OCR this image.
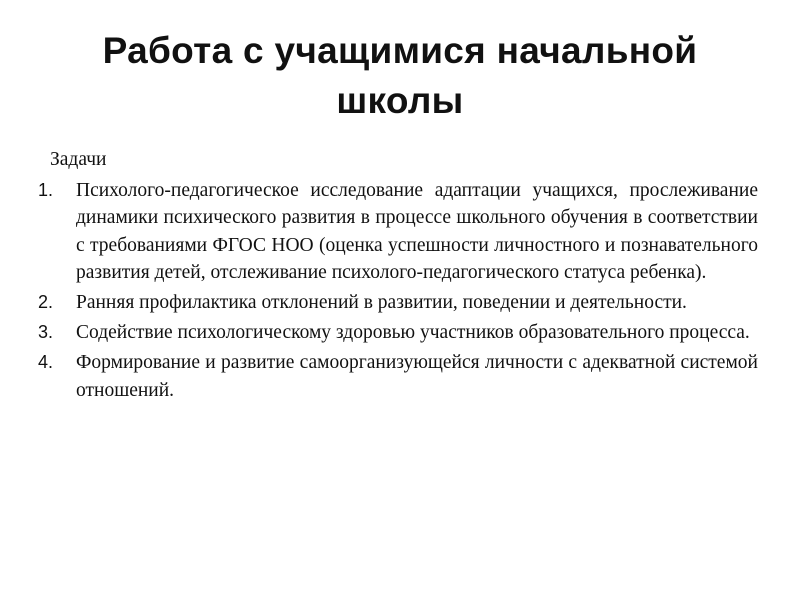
Работа с учащимися начальной школы
Задачи
1. Психолого-педагогическое исследование адаптации учащихся, прослеживание динамики психического развития в процессе школьного обучения в соответствии с требованиями ФГОС НОО (оценка успешности личностного и познавательного развития детей, отслеживание психолого-педагогического статуса ребенка).
2. Ранняя профилактика отклонений в развитии, поведении и деятельности.
3. Содействие психологическому здоровью участников образовательного процесса.
4. Формирование и развитие самоорганизующейся личности с адекватной системой отношений.
